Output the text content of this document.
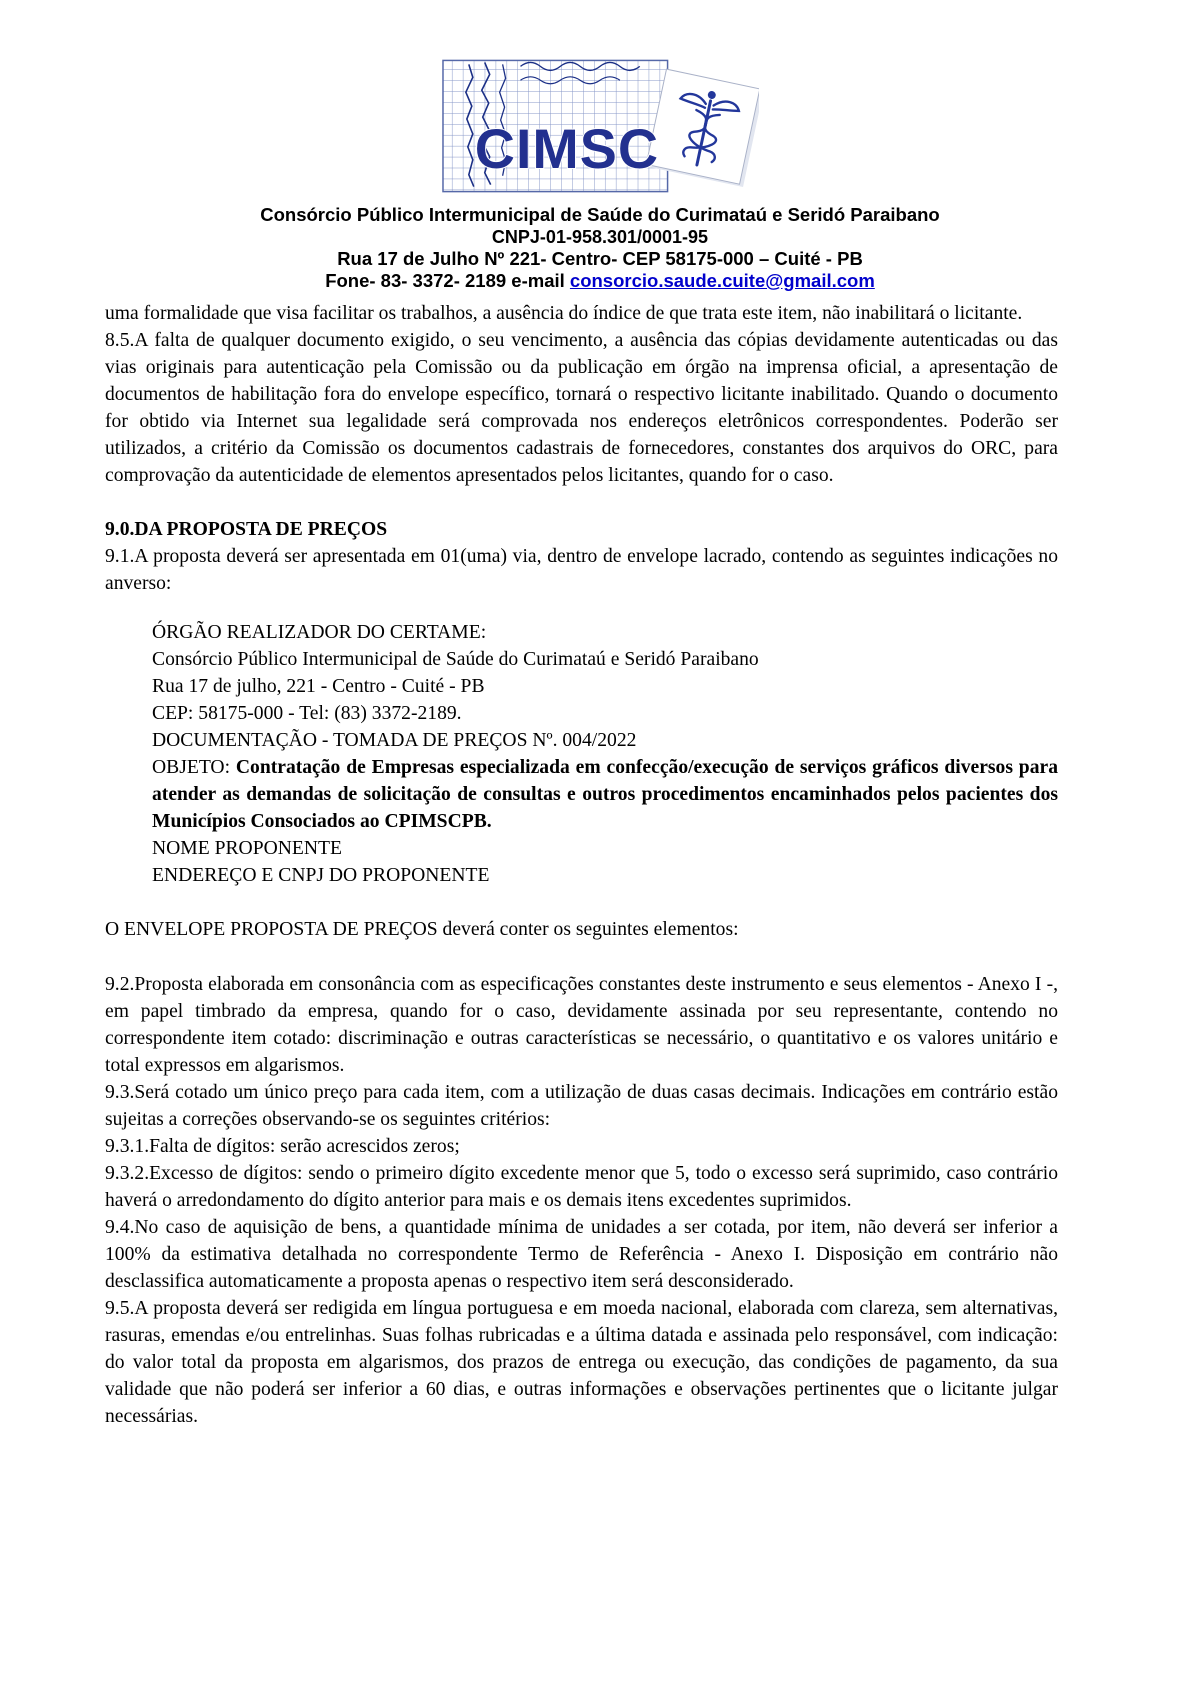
CIMSC
Consórcio Público Intermunicipal de Saúde do Curimataú e Seridó Paraibano
CNPJ-01-958.301/0001-95
Rua 17 de Julho Nº 221- Centro- CEP 58175-000 – Cuité - PB
Fone- 83- 3372- 2189 e-mail consorcio.saude.cuite@gmail.com

uma formalidade que visa facilitar os trabalhos, a ausência do índice de que trata este item, não inabilitará o licitante.

8.5.A falta de qualquer documento exigido, o seu vencimento, a ausência das cópias devidamente autenticadas ou das vias originais para autenticação pela Comissão ou da publicação em órgão na imprensa oficial, a apresentação de documentos de habilitação fora do envelope específico, tornará o respectivo licitante inabilitado. Quando o documento for obtido via Internet sua legalidade será comprovada nos endereços eletrônicos correspondentes. Poderão ser utilizados, a critério da Comissão os documentos cadastrais de fornecedores, constantes dos arquivos do ORC, para comprovação da autenticidade de elementos apresentados pelos licitantes, quando for o caso.

9.0.DA PROPOSTA DE PREÇOS

9.1.A proposta deverá ser apresentada em 01(uma) via, dentro de envelope lacrado, contendo as seguintes indicações no anverso:

ÓRGÃO REALIZADOR DO CERTAME:
Consórcio Público Intermunicipal de Saúde do Curimataú e Seridó Paraibano
Rua 17 de julho, 221 - Centro - Cuité - PB
CEP: 58175-000 - Tel: (83) 3372-2189.
DOCUMENTAÇÃO - TOMADA DE PREÇOS Nº. 004/2022

OBJETO: Contratação de Empresas especializada em confecção/execução de serviços gráficos diversos para atender as demandas de solicitação de consultas e outros procedimentos encaminhados pelos pacientes dos Municípios Consociados ao CPIMSCPB.

NOME PROPONENTE
ENDEREÇO E CNPJ DO PROPONENTE

O ENVELOPE PROPOSTA DE PREÇOS deverá conter os seguintes elementos:

9.2.Proposta elaborada em consonância com as especificações constantes deste instrumento e seus elementos - Anexo I -, em papel timbrado da empresa, quando for o caso, devidamente assinada por seu representante, contendo no correspondente item cotado: discriminação e outras características se necessário, o quantitativo e os valores unitário e total expressos em algarismos.

9.3.Será cotado um único preço para cada item, com a utilização de duas casas decimais. Indicações em contrário estão sujeitas a correções observando-se os seguintes critérios:

9.3.1.Falta de dígitos: serão acrescidos zeros;

9.3.2.Excesso de dígitos: sendo o primeiro dígito excedente menor que 5, todo o excesso será suprimido, caso contrário haverá o arredondamento do dígito anterior para mais e os demais itens excedentes suprimidos.

9.4.No caso de aquisição de bens, a quantidade mínima de unidades a ser cotada, por item, não deverá ser inferior a 100% da estimativa detalhada no correspondente Termo de Referência - Anexo I. Disposição em contrário não desclassifica automaticamente a proposta apenas o respectivo item será desconsiderado.

9.5.A proposta deverá ser redigida em língua portuguesa e em moeda nacional, elaborada com clareza, sem alternativas, rasuras, emendas e/ou entrelinhas. Suas folhas rubricadas e a última datada e assinada pelo responsável, com indicação: do valor total da proposta em algarismos, dos prazos de entrega ou execução, das condições de pagamento, da sua validade que não poderá ser inferior a 60 dias, e outras informações e observações pertinentes que o licitante julgar necessárias.
